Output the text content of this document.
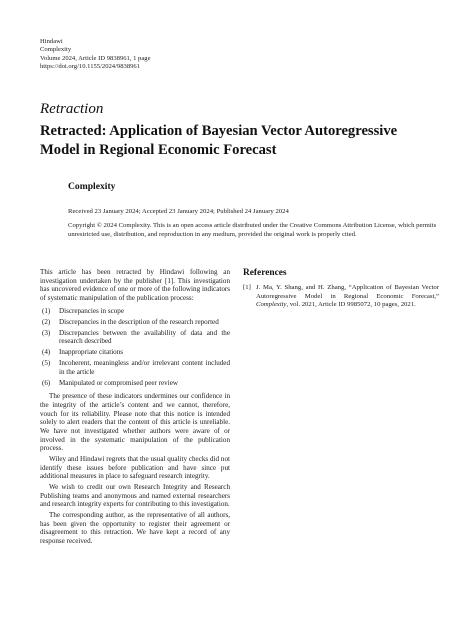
Hindawi
Complexity
Volume 2024, Article ID 9838961, 1 page
https://doi.org/10.1155/2024/9838961
Retraction
Retracted: Application of Bayesian Vector Autoregressive Model in Regional Economic Forecast
Complexity
Received 23 January 2024; Accepted 23 January 2024; Published 24 January 2024
Copyright © 2024 Complexity. This is an open access article distributed under the Creative Commons Attribution License, which permits unrestricted use, distribution, and reproduction in any medium, provided the original work is properly cited.

This article has been retracted by Hindawi following an investigation undertaken by the publisher [1]. This investigation has uncovered evidence of one or more of the following indicators of systematic manipulation of the publication process:

(1)	Discrepancies in scope
(2)	Discrepancies in the description of the research reported
(3)	Discrepancies between the availability of data and the research described
(4)	Inappropriate citations
(5)	Incoherent, meaningless and/or irrelevant content included in the article
(6)	Manipulated or compromised peer review

The presence of these indicators undermines our confidence in the integrity of the article’s content and we cannot, therefore, vouch for its reliability. Please note that this notice is intended solely to alert readers that the content of this article is unreliable. We have not investigated whether authors were aware of or involved in the systematic manipulation of the publication process.

Wiley and Hindawi regrets that the usual quality checks did not identify these issues before publication and have since put additional measures in place to safeguard research integrity.

We wish to credit our own Research Integrity and Research Publishing teams and anonymous and named external researchers and research integrity experts for contributing to this investigation.

The corresponding author, as the representative of all authors, has been given the opportunity to register their agreement or disagreement to this retraction. We have kept a record of any response received.

References
[1] J. Ma, Y. Shang, and H. Zhang, “Application of Bayesian Vector Autoregressive Model in Regional Economic Forecast,” Complexity, vol. 2021, Article ID 9985072, 10 pages, 2021.
